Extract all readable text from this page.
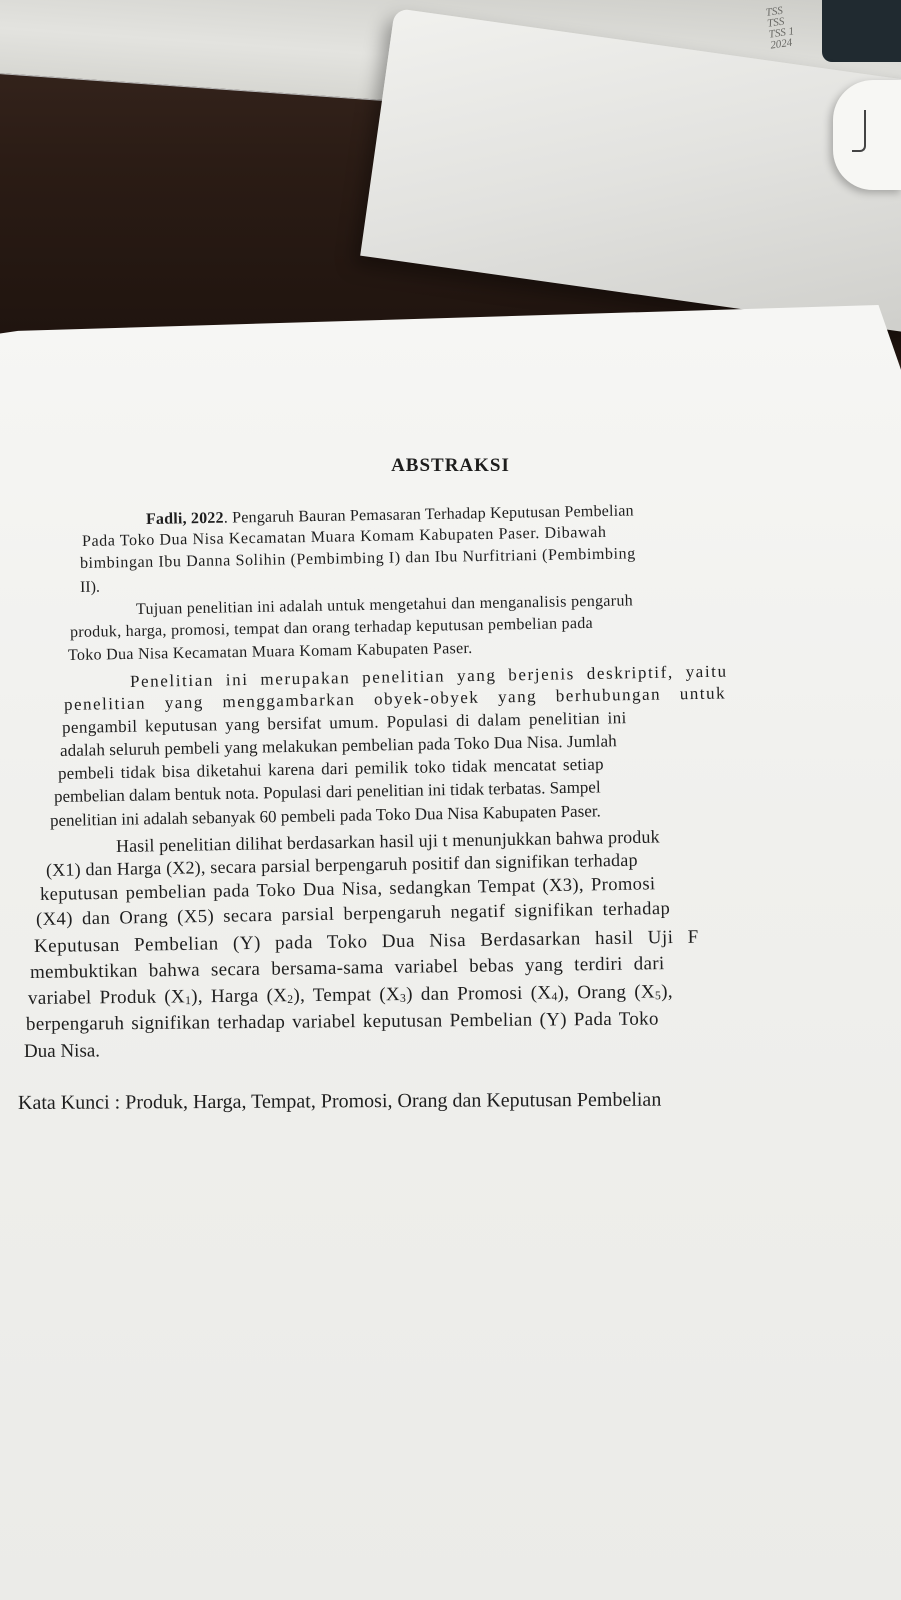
TSS
TSS
TSS 1
2024
ABSTRAKSI

Fadli, 2022. Pengaruh Bauran Pemasaran Terhadap Keputusan Pembelian

Pada Toko Dua Nisa Kecamatan Muara Komam Kabupaten Paser. Dibawah

bimbingan Ibu Danna Solihin (Pembimbing I) dan Ibu Nurfitriani (Pembimbing

II).

Tujuan penelitian ini adalah untuk mengetahui dan menganalisis pengaruh

produk, harga, promosi, tempat dan orang terhadap keputusan pembelian pada

Toko Dua Nisa Kecamatan Muara Komam Kabupaten Paser.

Penelitian ini merupakan penelitian yang berjenis deskriptif, yaitu

penelitian yang menggambarkan obyek-obyek yang berhubungan untuk

pengambil keputusan yang bersifat umum. Populasi di dalam penelitian ini

adalah seluruh pembeli yang melakukan pembelian pada Toko Dua Nisa. Jumlah

pembeli tidak bisa diketahui karena dari pemilik toko tidak mencatat setiap

pembelian dalam bentuk nota. Populasi dari penelitian ini tidak terbatas. Sampel

penelitian ini adalah sebanyak 60 pembeli pada Toko Dua Nisa Kabupaten Paser.

Hasil penelitian dilihat berdasarkan hasil uji t menunjukkan bahwa produk

(X1) dan Harga (X2), secara parsial berpengaruh positif dan signifikan terhadap

keputusan pembelian pada Toko Dua Nisa, sedangkan Tempat (X3), Promosi

(X4) dan Orang (X5) secara parsial berpengaruh negatif signifikan terhadap

Keputusan Pembelian (Y) pada Toko Dua Nisa Berdasarkan hasil Uji F

membuktikan bahwa secara bersama-sama variabel bebas yang terdiri dari

variabel Produk $(X_1)$, Harga $(X_2)$, Tempat $(X_3)$ dan Promosi $(X_4)$, Orang $(X_5)$,

berpengaruh signifikan terhadap variabel keputusan Pembelian (Y) Pada Toko

Dua Nisa.

Kata Kunci : Produk, Harga, Tempat, Promosi, Orang dan Keputusan Pembelian
